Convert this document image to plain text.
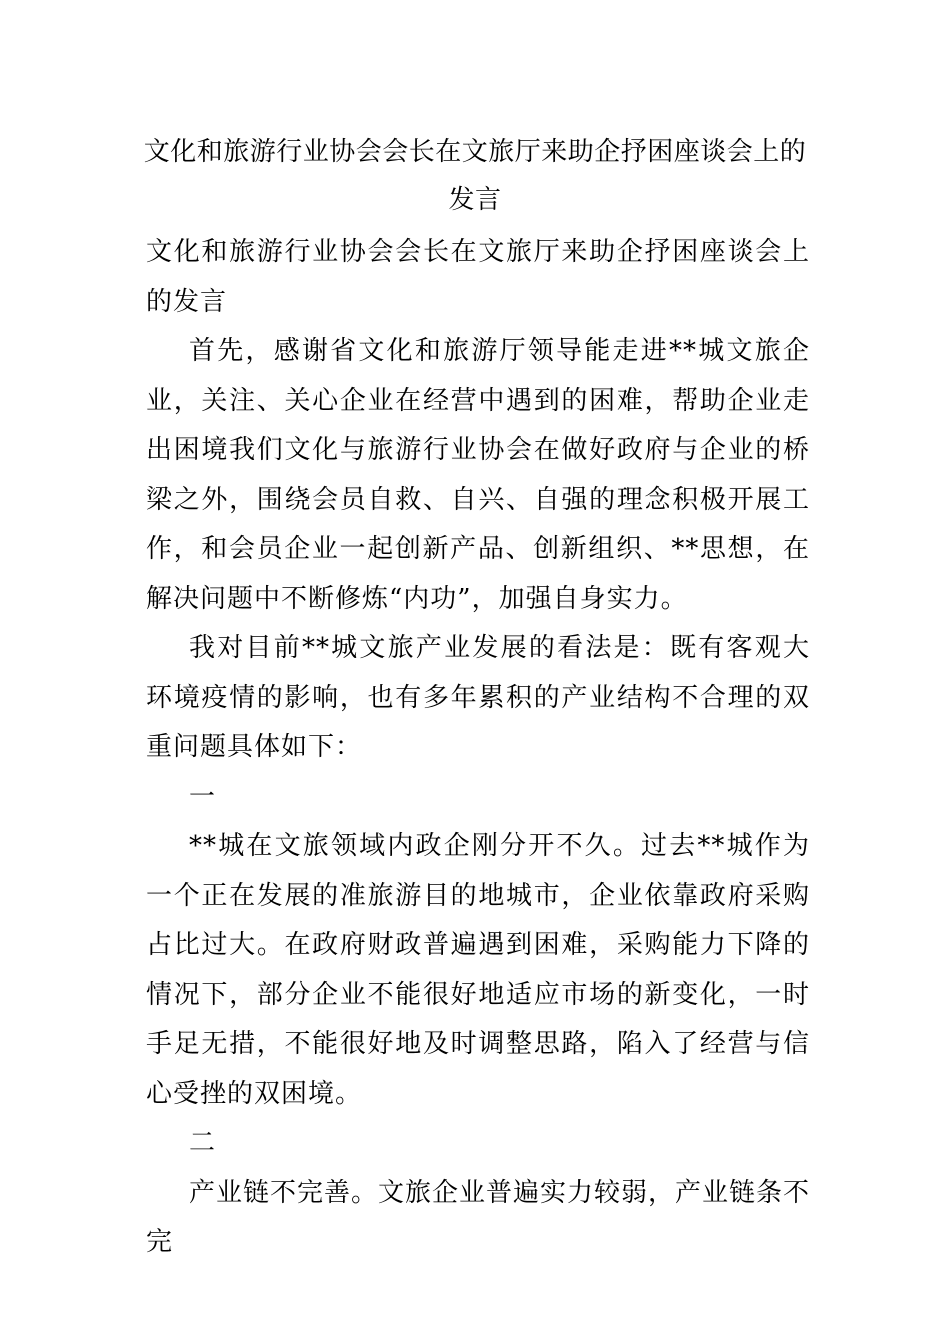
文化和旅游行业协会会长在文旅厅来助企抒困座谈会上的发言

文化和旅游行业协会会长在文旅厅来助企抒困座谈会上的发言

首先，感谢省文化和旅游厅领导能走进**城文旅企业，关注、关心企业在经营中遇到的困难，帮助企业走出困境我们文化与旅游行业协会在做好政府与企业的桥梁之外，围绕会员自救、自兴、自强的理念积极开展工作，和会员企业一起创新产品、创新组织、**思想，在解决问题中不断修炼“内功”，加强自身实力。

我对目前**城文旅产业发展的看法是：既有客观大环境疫情的影响，也有多年累积的产业结构不合理的双重问题具体如下：

一

**城在文旅领域内政企刚分开不久。过去**城作为一个正在发展的准旅游目的地城市，企业依靠政府采购占比过大。在政府财政普遍遇到困难，采购能力下降的情况下，部分企业不能很好地适应市场的新变化，一时手足无措，不能很好地及时调整思路，陷入了经营与信心受挫的双困境。

二

产业链不完善。文旅企业普遍实力较弱，产业链条不完
